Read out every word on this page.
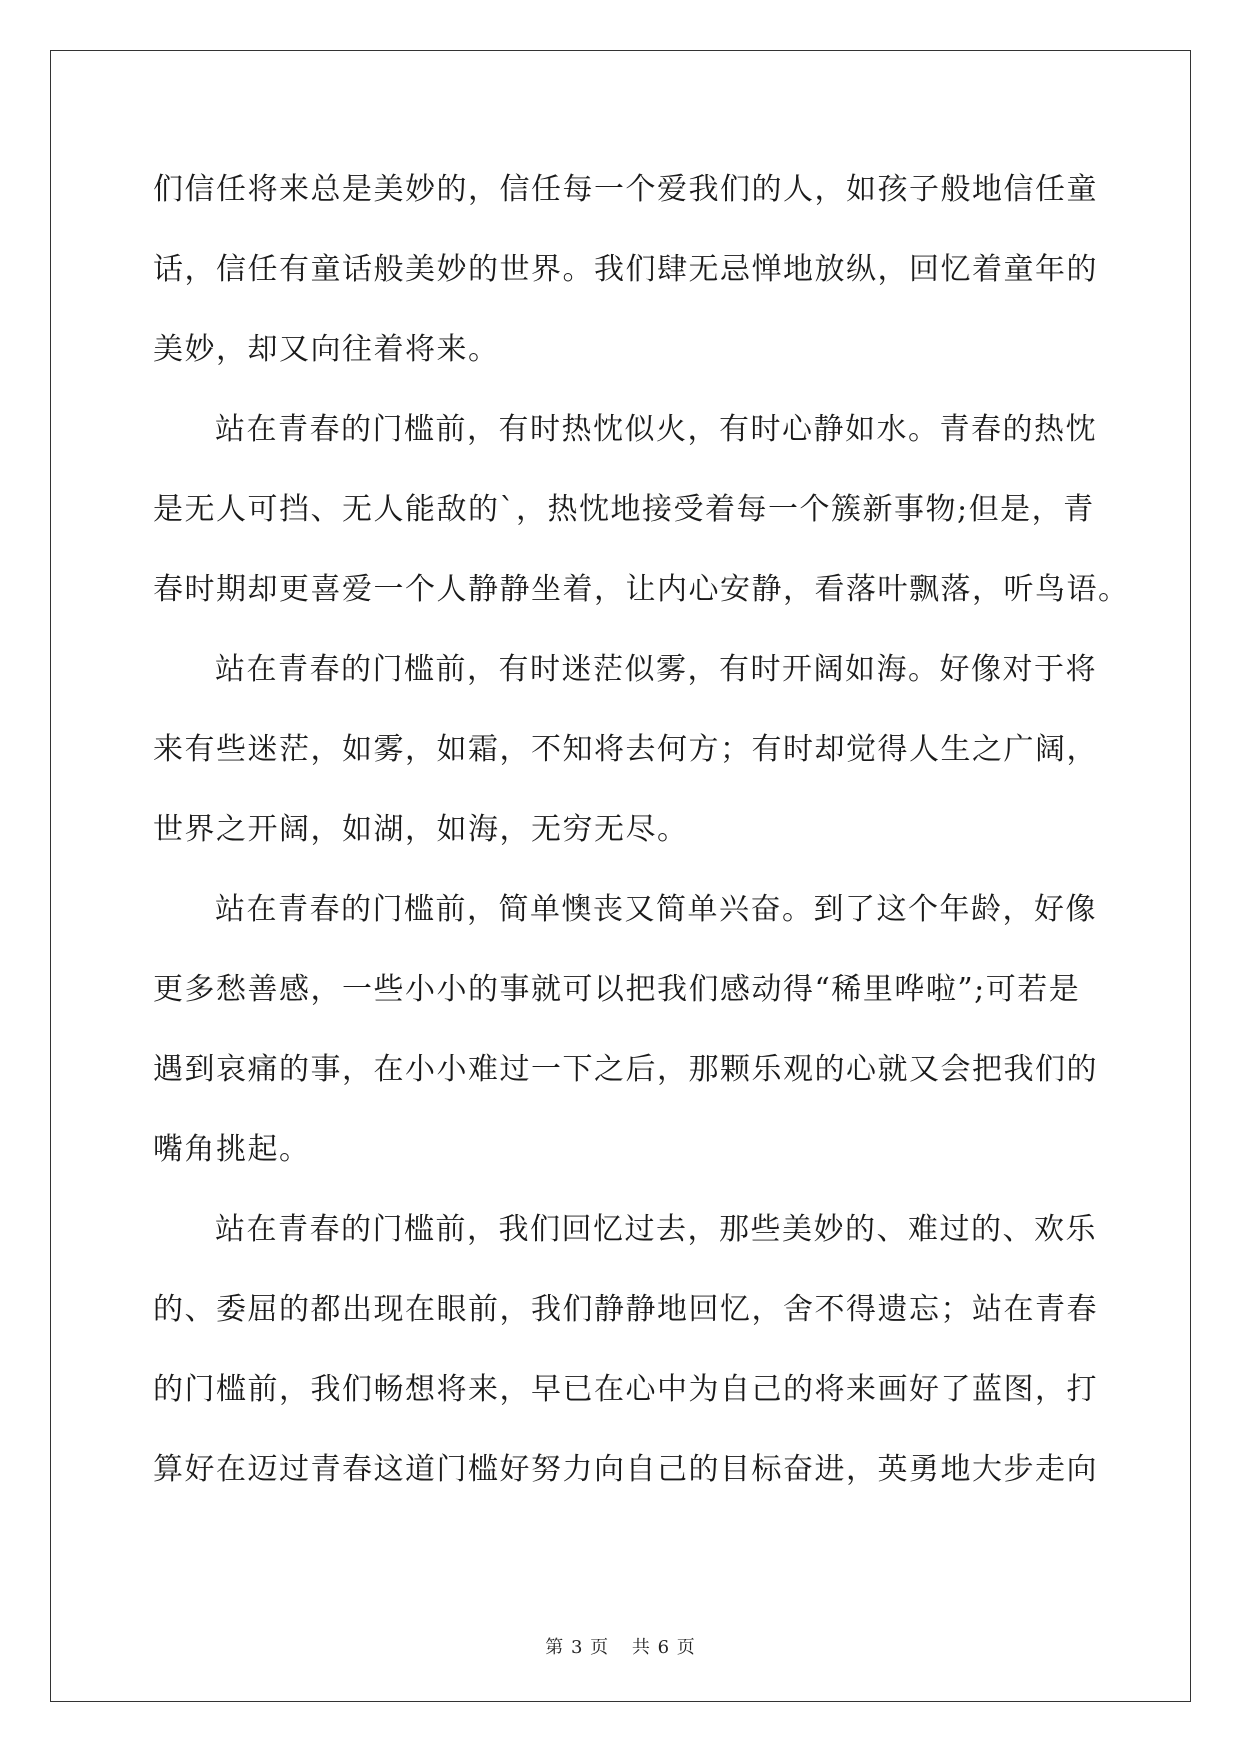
们信任将来总是美妙的，信任每一个爱我们的人，如孩子般地信任童
话，信任有童话般美妙的世界。我们肆无忌惮地放纵，回忆着童年的
美妙，却又向往着将来。
站在青春的门槛前，有时热忱似火，有时心静如水。青春的热忱
是无人可挡、无人能敌的`，热忱地接受着每一个簇新事物;但是，青
春时期却更喜爱一个人静静坐着，让内心安静，看落叶飘落，听鸟语。
站在青春的门槛前，有时迷茫似雾，有时开阔如海。好像对于将
来有些迷茫，如雾，如霜，不知将去何方；有时却觉得人生之广阔，
世界之开阔，如湖，如海，无穷无尽。
站在青春的门槛前，简单懊丧又简单兴奋。到了这个年龄，好像
更多愁善感，一些小小的事就可以把我们感动得“稀里哗啦”;可若是
遇到哀痛的事，在小小难过一下之后，那颗乐观的心就又会把我们的
嘴角挑起。
站在青春的门槛前，我们回忆过去，那些美妙的、难过的、欢乐
的、委屈的都出现在眼前，我们静静地回忆，舍不得遗忘；站在青春
的门槛前，我们畅想将来，早已在心中为自己的将来画好了蓝图，打
算好在迈过青春这道门槛好努力向自己的目标奋进，英勇地大步走向
第 3 页 共 6 页
